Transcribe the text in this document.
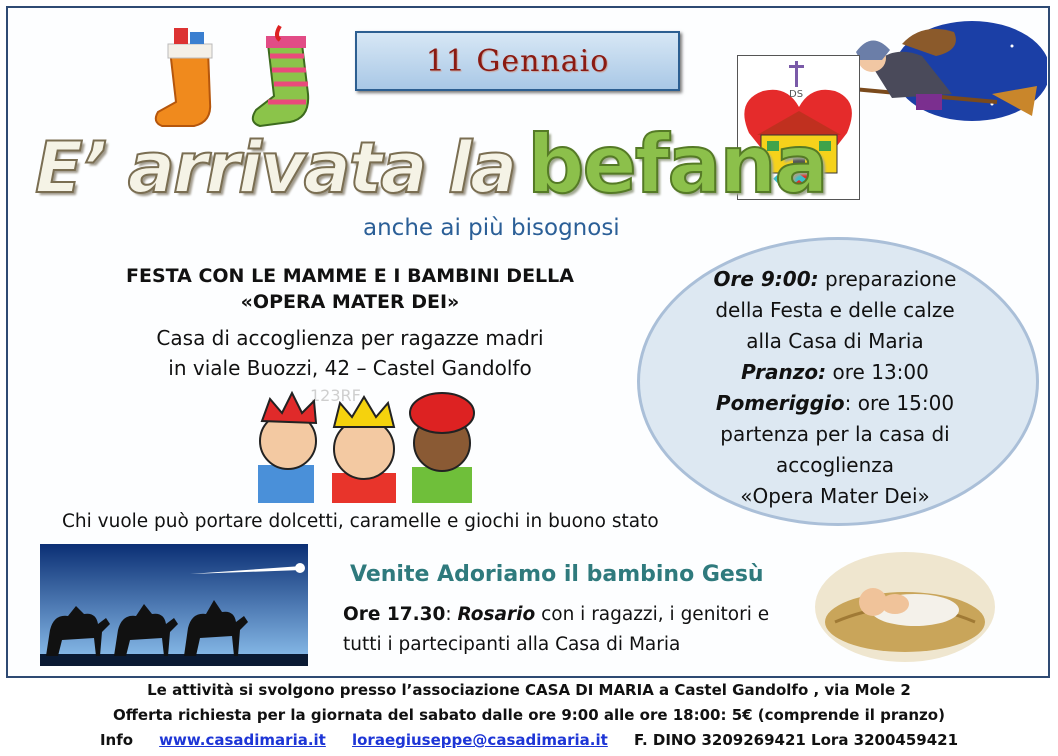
11 Gennaio
DS
E’ arrivata la befana
anche ai più bisognosi
FESTA CON LE MAMME E I BAMBINI DELLA
«OPERA MATER DEI»
Casa di accoglienza per ragazze madri
in viale Buozzi, 42 – Castel Gandolfo
123RF
Chi vuole può portare dolcetti, caramelle e giochi in buono stato
Ore 9:00: preparazione
della Festa e delle calze
alla Casa di Maria
Pranzo: ore 13:00
Pomeriggio: ore 15:00
partenza per la casa di
accoglienza
«Opera Mater Dei»
Venite Adoriamo il bambino Gesù
Ore 17.30: Rosario con i ragazzi, i genitori e
tutti i partecipanti alla Casa di Maria
Le attività si svolgono presso l’associazione CASA DI MARIA a Castel Gandolfo , via Mole 2
Offerta richiesta per la giornata del sabato dalle ore 9:00 alle ore 18:00: 5€ (comprende il pranzo)
Info www.casadimaria.it loraegiuseppe@casadimaria.it F. DINO 3209269421 Lora 3200459421
